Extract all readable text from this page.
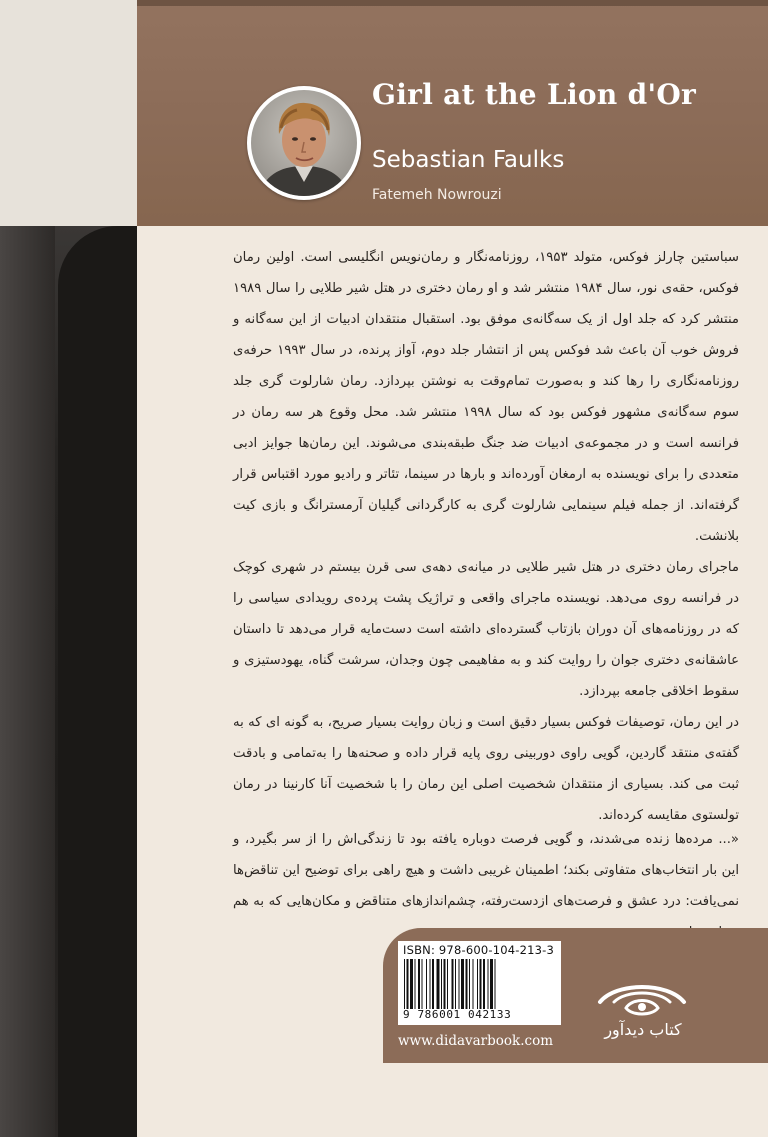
Girl at the Lion d'Or
Sebastian Faulks
Fatemeh Nowrouzi

سباستین چارلز فوکس، متولد ۱۹۵۳، روزنامه‌نگار و رمان‌نویس انگلیسی است. اولین رمان فوکس، حقه‌ی نور، سال ۱۹۸۴ منتشر شد و او رمان دختری در هتل شیر طلایی را سال ۱۹۸۹ منتشر کرد که جلد اول از یک سه‌گانه‌ی موفق بود. استقبال منتقدان ادبیات از این سه‌گانه و فروش خوب آن باعث شد فوکس پس از انتشار جلد دوم، آواز پرنده، در سال ۱۹۹۳ حرفه‌ی روزنامه‌نگاری را رها کند و به‌صورت تمام‌وقت به نوشتن بپردازد. رمان شارلوت گری جلد سوم سه‌گانه‌ی مشهور فوکس بود که سال ۱۹۹۸ منتشر شد. محل وقوع هر سه رمان در فرانسه است و در مجموعه‌ی ادبیات ضد جنگ طبقه‌بندی می‌شوند. این رمان‌ها جوایز ادبی متعددی را برای نویسنده به ارمغان آورده‌اند و بارها در سینما، تئاتر و رادیو مورد اقتباس قرار گرفته‌اند. از جمله فیلم سینمایی شارلوت گری به کارگردانی گیلیان آرمسترانگ و بازی کیت بلانشت.

ماجرای رمان دختری در هتل شیر طلایی در میانه‌ی دهه‌ی سی قرن بیستم در شهری کوچک در فرانسه روی می‌دهد. نویسنده ماجرای واقعی و تراژیک پشت پرده‌ی رویدادی سیاسی را که در روزنامه‌های آن دوران بازتاب گسترده‌ای داشته است دست‌مایه قرار می‌دهد تا داستان عاشقانه‌ی دختری جوان را روایت کند و به مفاهیمی چون وجدان، سرشت گناه، یهودستیزی و سقوط اخلاقی جامعه بپردازد.

در این رمان، توصیفات فوکس بسیار دقیق است و زبان روایت بسیار صریح، به گونه ای که به گفته‌ی منتقد گاردین، گویی راوی دوربینی روی پایه قرار داده و صحنه‌ها را به‌تمامی و بادقت ثبت می کند. بسیاری از منتقدان شخصیت اصلی این رمان را با شخصیت آنا کارنینا در رمان تولستوی مقایسه کرده‌اند.

«... مرده‌ها زنده می‌شدند، و گویی فرصت دوباره یافته بود تا زندگی‌اش را از سر بگیرد، و این بار انتخاب‌های متفاوتی بکند؛ اطمینان غریبی داشت و هیچ راهی برای توضیح این تناقض‌ها نمی‌یافت: درد عشق و فرصت‌های ازدست‌رفته، چشم‌اندازهای متناقض و مکان‌هایی که به هم

ISBN: 978-600-104-213-3
9 786001 042133
www.didavarbook.com
کتاب دیدآور
